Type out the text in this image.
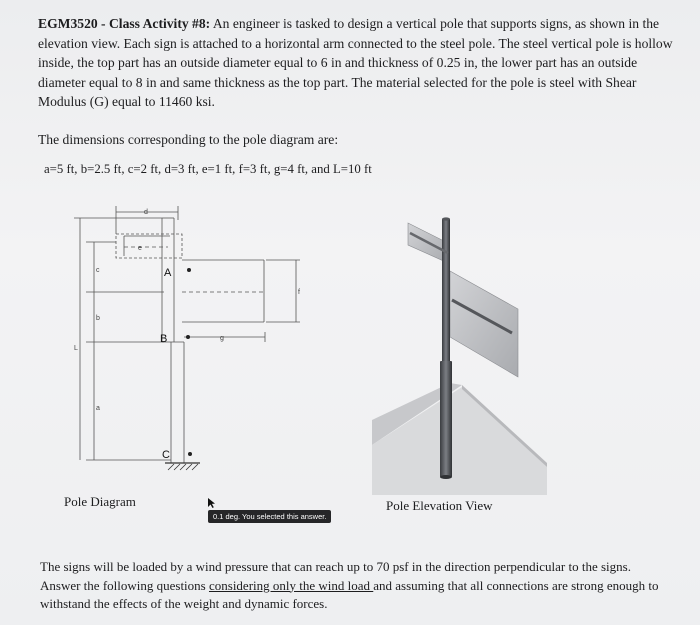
EGM3520 - Class Activity #8: An engineer is tasked to design a vertical pole that supports signs, as shown in the elevation view. Each sign is attached to a horizontal arm connected to the steel pole. The steel vertical pole is hollow inside, the top part has an outside diameter equal to 6 in and thickness of 0.25 in, the lower part has an outside diameter equal to 8 in and same thickness as the top part. The material selected for the pole is steel with Shear Modulus (G) equal to 11460 ksi.
The dimensions corresponding to the pole diagram are:
a=5 ft, b=2.5 ft, c=2 ft, d=3 ft, e=1 ft, f=3 ft, g=4 ft, and L=10 ft
A
B
C
a
b
c
d
e
f
g
L
Pole Diagram	Pole Elevation View
0.1 deg. You selected this answer.
The signs will be loaded by a wind pressure that can reach up to 70 psf in the direction perpendicular to the signs. Answer the following questions considering only the wind load and assuming that all connections are strong enough to withstand the effects of the weight and dynamic forces.
